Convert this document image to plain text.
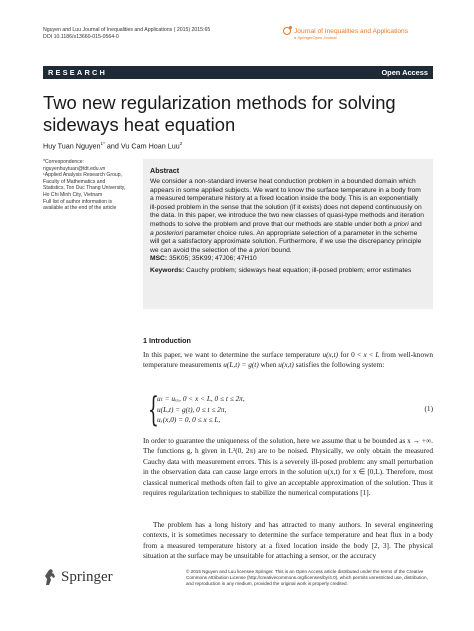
Nguyen and Luu Journal of Inequalities and Applications ( 2015) 2015:65
DOI 10.1186/s13660-015-0564-0
Journal of Inequalities and Applications
a SpringerOpen Journal
RESEARCH	Open Access
Two new regularization methods for solving sideways heat equation
Huy Tuan Nguyen$^{1*}$ and Vu Cam Hoan Luu$^2$

*Correspondence:

nguyenhuytuan@tdt.edu.vn

¹Applied Analysis Research Group,

Faculty of Mathematics and

Statistics, Ton Duc Thang University,

Ho Chi Minh City, Vietnam

Full list of author information is

available at the end of the article

Abstract
We consider a non-standard inverse heat conduction problem in a bounded domain which appears in some applied subjects. We want to know the surface temperature in a body from a measured temperature history at a fixed location inside the body. This is an exponentially ill-posed problem in the sense that the solution (if it exists) does not depend continuously on the data. In this paper, we introduce the two new classes of quasi-type methods and iteration methods to solve the problem and prove that our methods are stable under both a priori and a posteriori parameter choice rules. An appropriate selection of a parameter in the scheme will get a satisfactory approximate solution. Furthermore, if we use the discrepancy principle we can avoid the selection of the a priori bound.
MSC: 35K05; 35K99; 47J06; 47H10
Keywords: Cauchy problem; sideways heat equation; ill-posed problem; error estimates
1 Introduction
In this paper, we want to determine the surface temperature u(x,t) for 0 < x < L from well-known temperature measurements u(L,t) = g(t) when u(x,t) satisfies the following system:
{
uₜ = uₓₓ, 0 < x < L, 0 ≤ t ≤ 2π,
u(L,t) = g(t), 0 ≤ t ≤ 2π,
uₓ(x,0) = 0, 0 ≤ x ≤ L,
(1)
In order to guarantee the uniqueness of the solution, here we assume that u be bounded as x → +∞. The functions g, h given in L²(0, 2π) are to be noised. Physically, we only obtain the measured Cauchy data with measurement errors. This is a severely ill-posed problem: any small perturbation in the observation data can cause large errors in the solution u(x,t) for x ∈ [0,L). Therefore, most classical numerical methods often fail to give an acceptable approximation of the solution. Thus it requires regularization techniques to stabilize the numerical computations [1].
The problem has a long history and has attracted to many authors. In several engineering contexts, it is sometimes necessary to determine the surface temperature and heat flux in a body from a measured temperature history at a fixed location inside the body [2, 3]. The physical situation at the surface may be unsuitable for attaching a sensor, or the accuracy
Springer	© 2015 Nguyen and Luu licensee Springer. This is an Open Access article distributed under the terms of the Creative Commons Attribution License (http://creativecommons.org/licenses/by/4.0), which permits unrestricted use, distribution, and reproduction in any medium, provided the original work is properly credited.
